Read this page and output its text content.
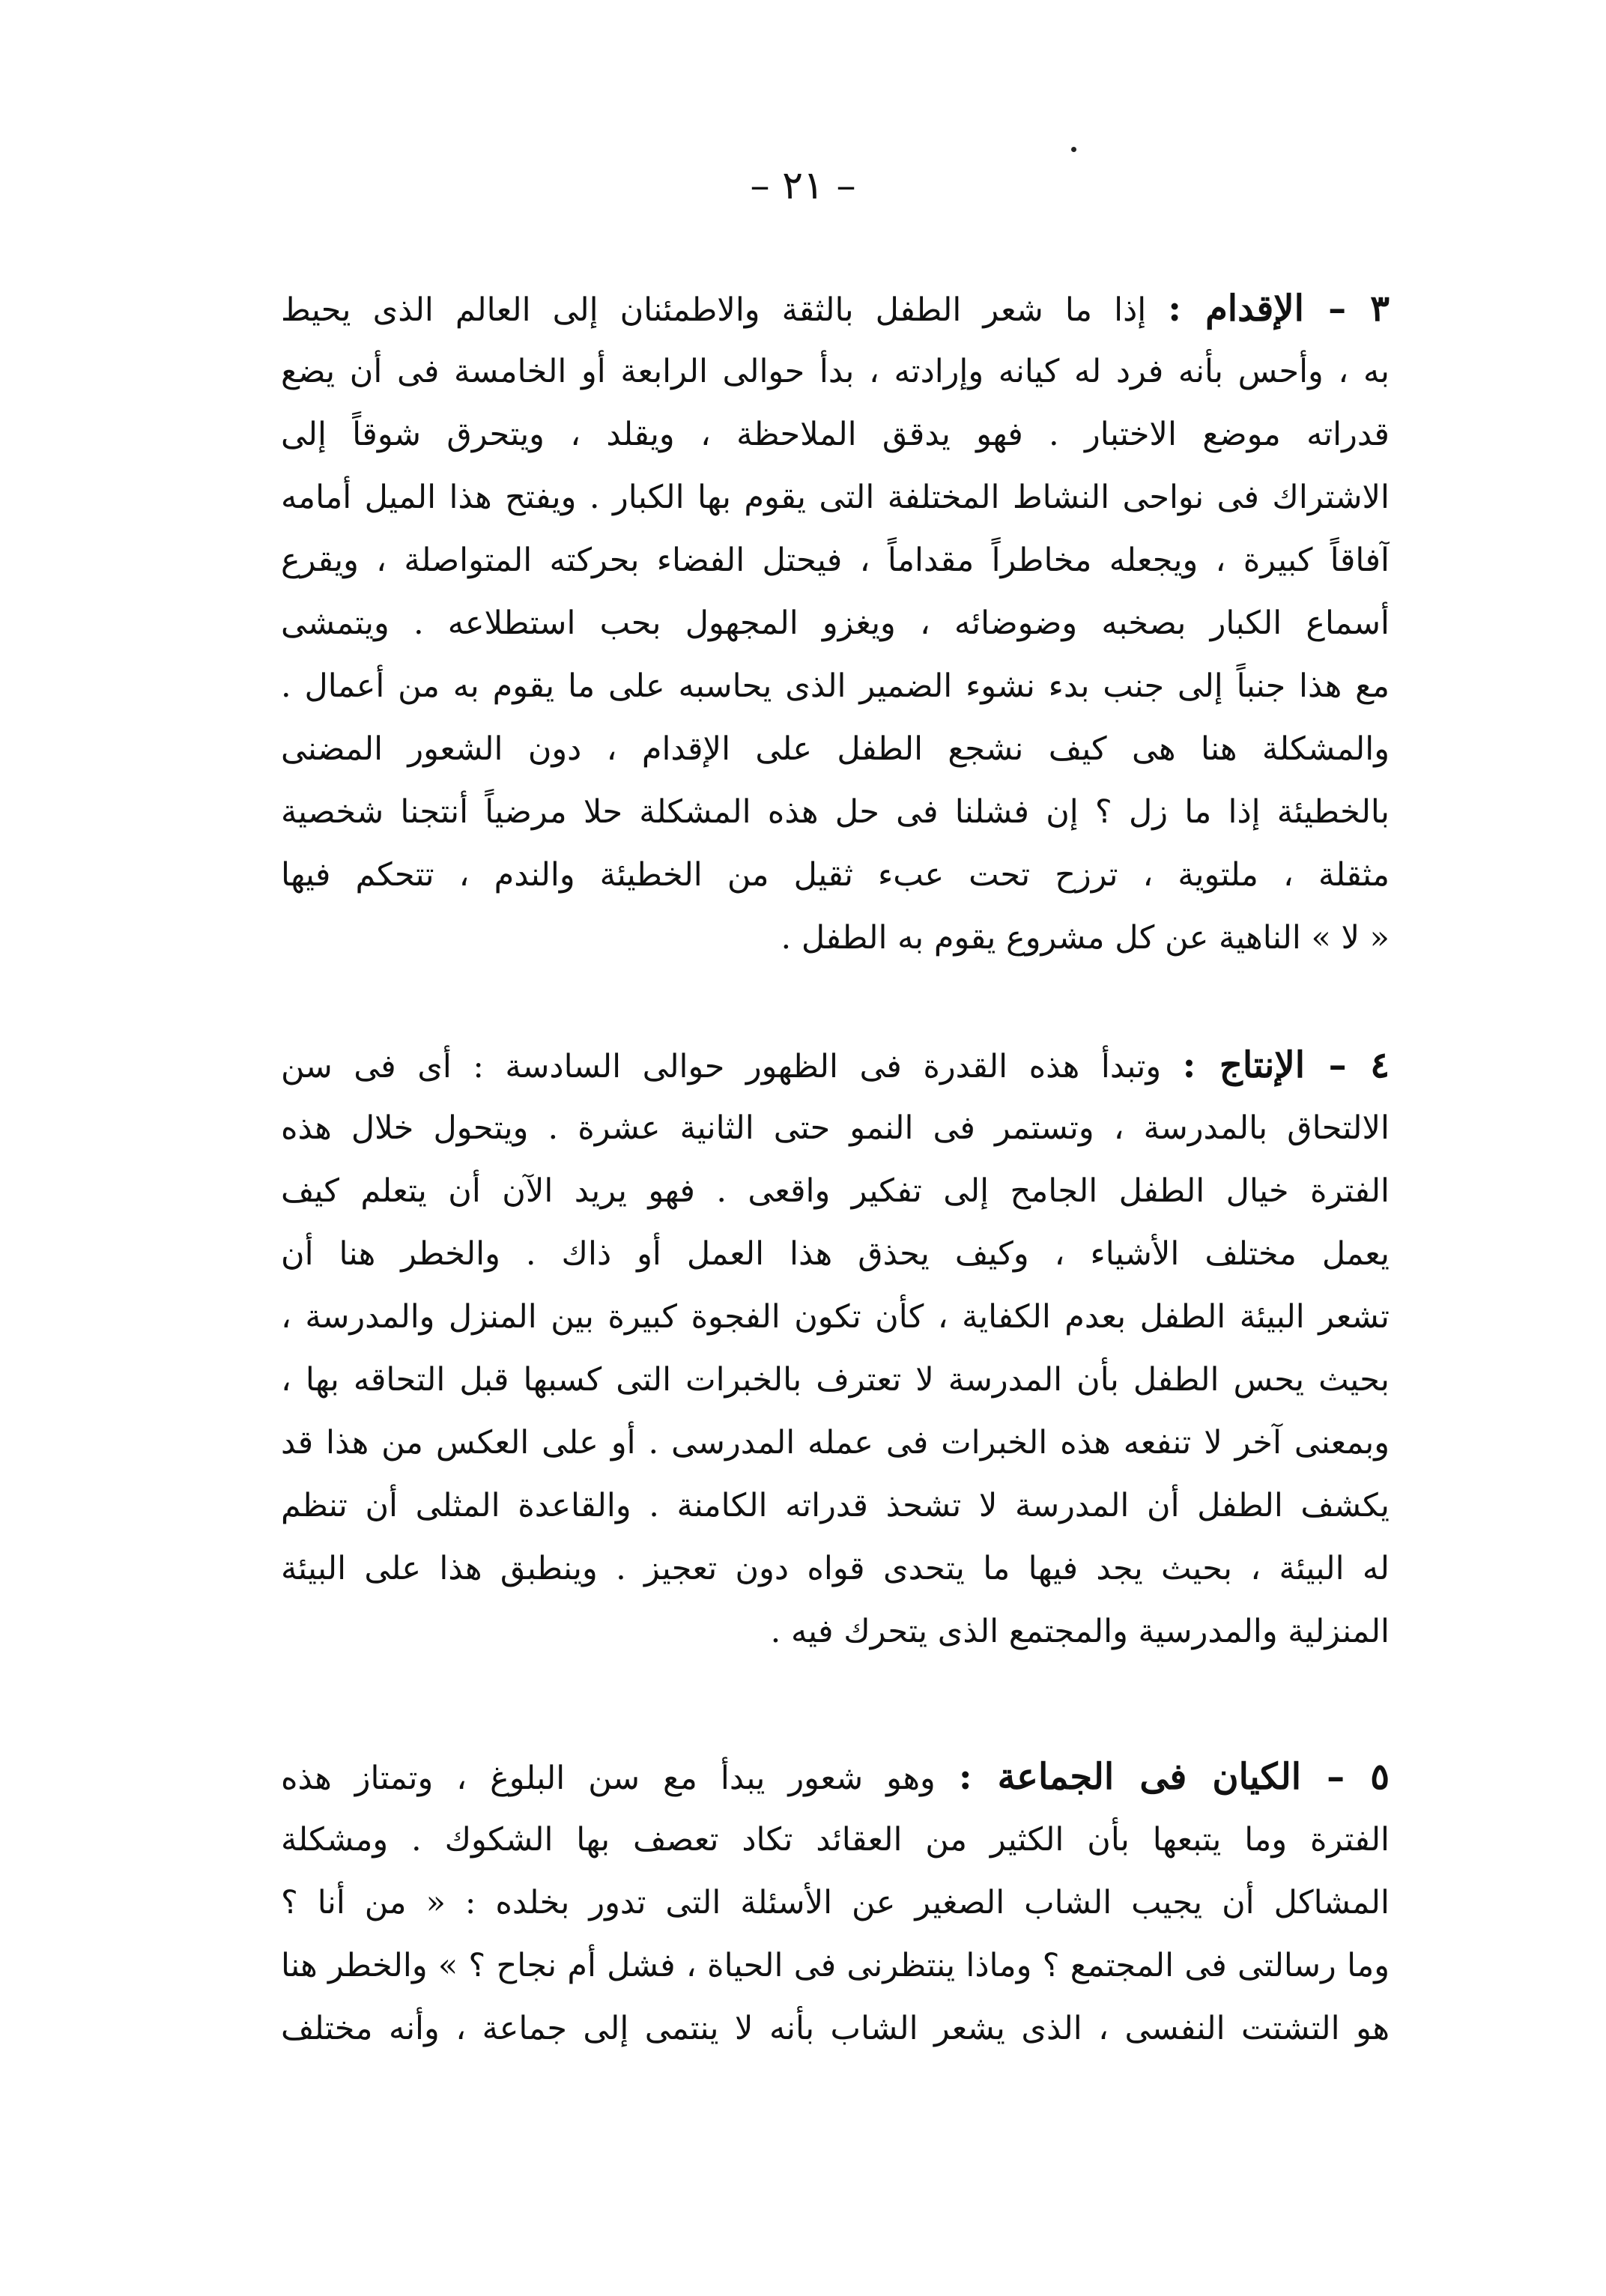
– ٢١ –
٣ – الإقدام : إذا ما شعر الطفل بالثقة والاطمئنان إلى العالم الذى يحيط
به ، وأحس بأنه فرد له كيانه وإرادته ، بدأ حوالى الرابعة أو الخامسة فى أن يضع
قدراته موضع الاختبار . فهو يدقق الملاحظة ، ويقلد ، ويتحرق شوقاً إلى
الاشتراك فى نواحى النشاط المختلفة التى يقوم بها الكبار . ويفتح هذا الميل أمامه
آفاقاً كبيرة ، ويجعله مخاطراً مقداماً ، فيحتل الفضاء بحركته المتواصلة ، ويقرع
أسماع الكبار بصخبه وضوضائه ، ويغزو المجهول بحب استطلاعه . ويتمشى
مع هذا جنباً إلى جنب بدء نشوء الضمير الذى يحاسبه على ما يقوم به من أعمال .
والمشكلة هنا هى كيف نشجع الطفل على الإقدام ، دون الشعور المضنى
بالخطيئة إذا ما زل ؟ إن فشلنا فى حل هذه المشكلة حلا مرضياً أنتجنا شخصية
مثقلة ، ملتوية ، ترزح تحت عبء ثقيل من الخطيئة والندم ، تتحكم فيها
« لا » الناهية عن كل مشروع يقوم به الطفل .
٤ – الإنتاج : وتبدأ هذه القدرة فى الظهور حوالى السادسة : أى فى سن
الالتحاق بالمدرسة ، وتستمر فى النمو حتى الثانية عشرة . ويتحول خلال هذه
الفترة خيال الطفل الجامح إلى تفكير واقعى . فهو يريد الآن أن يتعلم كيف
يعمل مختلف الأشياء ، وكيف يحذق هذا العمل أو ذاك . والخطر هنا أن
تشعر البيئة الطفل بعدم الكفاية ، كأن تكون الفجوة كبيرة بين المنزل والمدرسة ،
بحيث يحس الطفل بأن المدرسة لا تعترف بالخبرات التى كسبها قبل التحاقه بها ،
وبمعنى آخر لا تنفعه هذه الخبرات فى عمله المدرسى . أو على العكس من هذا قد
يكشف الطفل أن المدرسة لا تشحذ قدراته الكامنة . والقاعدة المثلى أن تنظم
له البيئة ، بحيث يجد فيها ما يتحدى قواه دون تعجيز . وينطبق هذا على البيئة
المنزلية والمدرسية والمجتمع الذى يتحرك فيه .
٥ – الكيان فى الجماعة : وهو شعور يبدأ مع سن البلوغ ، وتمتاز هذه
الفترة وما يتبعها بأن الكثير من العقائد تكاد تعصف بها الشكوك . ومشكلة
المشاكل أن يجيب الشاب الصغير عن الأسئلة التى تدور بخلده : « من أنا ؟
وما رسالتى فى المجتمع ؟ وماذا ينتظرنى فى الحياة ، فشل أم نجاح ؟ » والخطر هنا
هو التشتت النفسى ، الذى يشعر الشاب بأنه لا ينتمى إلى جماعة ، وأنه مختلف
